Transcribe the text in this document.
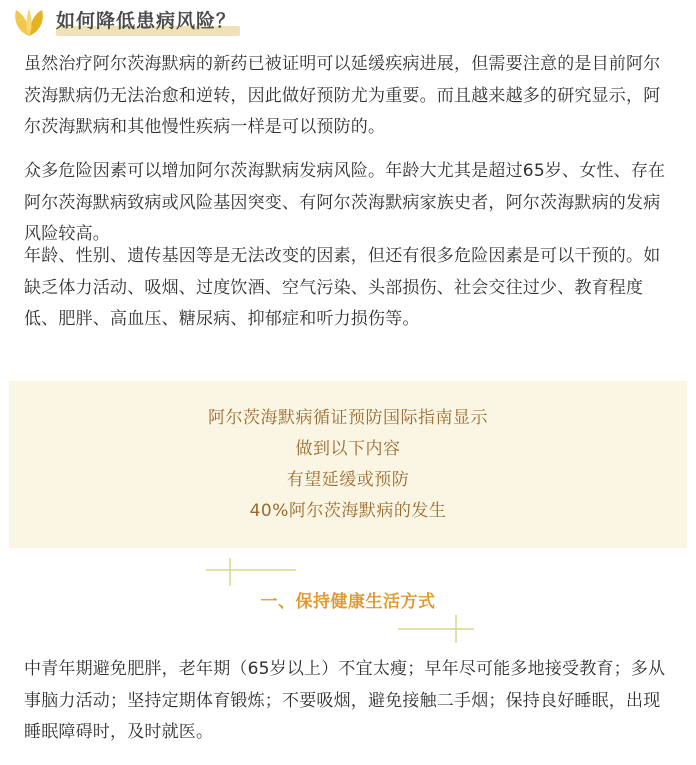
如何降低患病风险？
虽然治疗阿尔茨海默病的新药已被证明可以延缓疾病进展，但需要注意的是目前阿尔茨海默病仍无法治愈和逆转，因此做好预防尤为重要。而且越来越多的研究显示，阿尔茨海默病和其他慢性疾病一样是可以预防的。
众多危险因素可以增加阿尔茨海默病发病风险。年龄大尤其是超过65岁、女性、存在阿尔茨海默病致病或风险基因突变、有阿尔茨海默病家族史者，阿尔茨海默病的发病风险较高。
年龄、性别、遗传基因等是无法改变的因素，但还有很多危险因素是可以干预的。如缺乏体力活动、吸烟、过度饮酒、空气污染、头部损伤、社会交往过少、教育程度低、肥胖、高血压、糖尿病、抑郁症和听力损伤等。
阿尔茨海默病循证预防国际指南显示
做到以下内容
有望延缓或预防
40%阿尔茨海默病的发生
一、保持健康生活方式
中青年期避免肥胖，老年期（65岁以上）不宜太瘦；早年尽可能多地接受教育；多从事脑力活动；坚持定期体育锻炼；不要吸烟，避免接触二手烟；保持良好睡眠，出现睡眠障碍时，及时就医。
